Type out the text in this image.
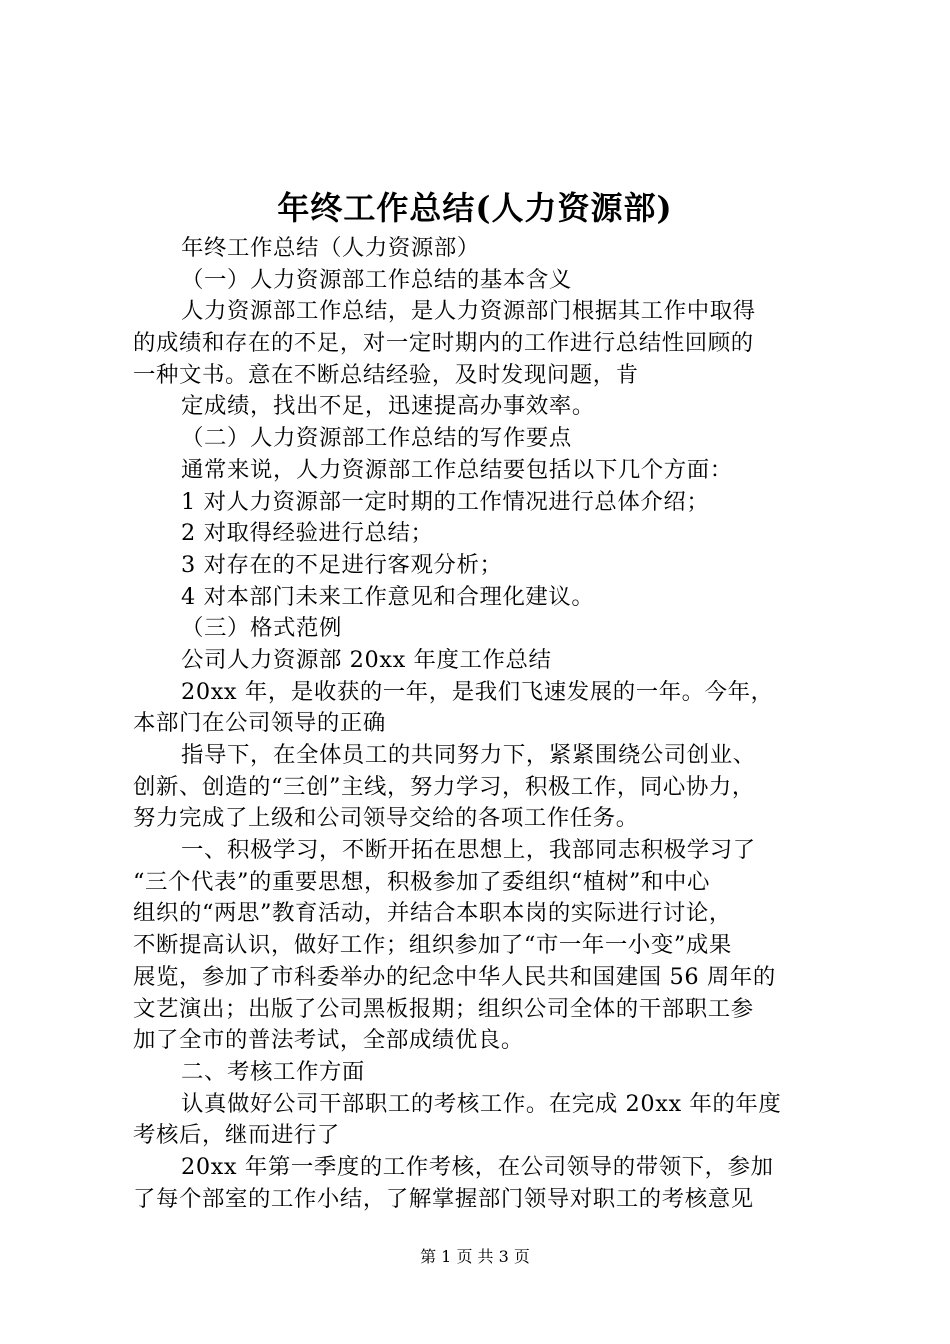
年终工作总结(人力资源部)
年终工作总结（人力资源部）
（一）人力资源部工作总结的基本含义
人力资源部工作总结，是人力资源部门根据其工作中取得
的成绩和存在的不足，对一定时期内的工作进行总结性回顾的
一种文书。意在不断总结经验，及时发现问题，肯
定成绩，找出不足，迅速提高办事效率。
（二）人力资源部工作总结的写作要点
通常来说，人力资源部工作总结要包括以下几个方面：
1 对人力资源部一定时期的工作情况进行总体介绍；
2 对取得经验进行总结；
3 对存在的不足进行客观分析；
4 对本部门未来工作意见和合理化建议。
（三）格式范例
公司人力资源部 20xx 年度工作总结
20xx 年，是收获的一年，是我们飞速发展的一年。今年，
本部门在公司领导的正确
指导下，在全体员工的共同努力下，紧紧围绕公司创业、
创新、创造的“三创”主线，努力学习，积极工作，同心协力，
努力完成了上级和公司领导交给的各项工作任务。
一、积极学习，不断开拓在思想上，我部同志积极学习了
“三个代表”的重要思想，积极参加了委组织“植树”和中心
组织的“两思”教育活动，并结合本职本岗的实际进行讨论，
不断提高认识，做好工作；组织参加了“市一年一小变”成果
展览，参加了市科委举办的纪念中华人民共和国建国 56 周年的
文艺演出；出版了公司黑板报期；组织公司全体的干部职工参
加了全市的普法考试，全部成绩优良。
二、考核工作方面
认真做好公司干部职工的考核工作。在完成 20xx 年的年度
考核后，继而进行了
20xx 年第一季度的工作考核，在公司领导的带领下，参加
了每个部室的工作小结，了解掌握部门领导对职工的考核意见
第 1 页 共 3 页
